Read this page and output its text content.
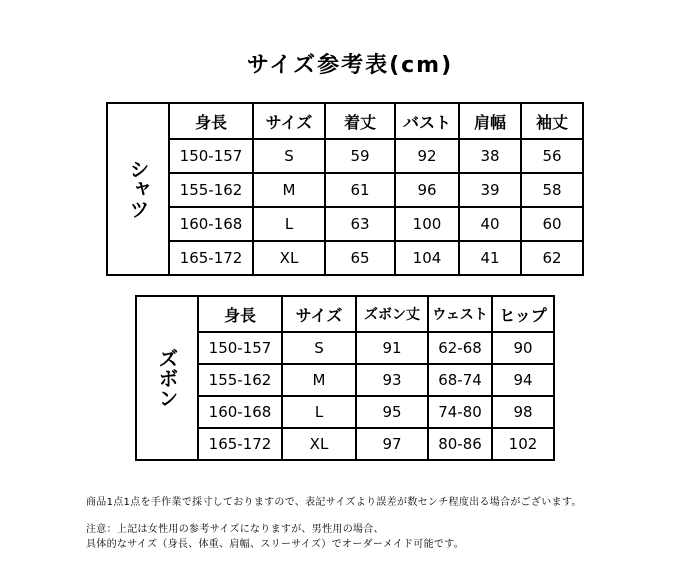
サイズ参考表(cm)
シャツ	身長	サイズ	着丈	バスト	肩幅	袖丈
	150-157	S	59	92	38	56
	155-162	M	61	96	39	58
	160-168	L	63	100	40	60
	165-172	XL	65	104	41	62
ズボン	身長	サイズ	ズボン丈	ウェスト	ヒップ
	150-157	S	91	62-68	90
	155-162	M	93	68-74	94
	160-168	L	95	74-80	98
	165-172	XL	97	80-86	102
商品1点1点を手作業で採寸しておりますので、表記サイズより誤差が数センチ程度出る場合がございます。
注意：上記は女性用の参考サイズになりますが、男性用の場合、
具体的なサイズ（身長、体重、肩幅、スリーサイズ）でオーダーメイド可能です。
